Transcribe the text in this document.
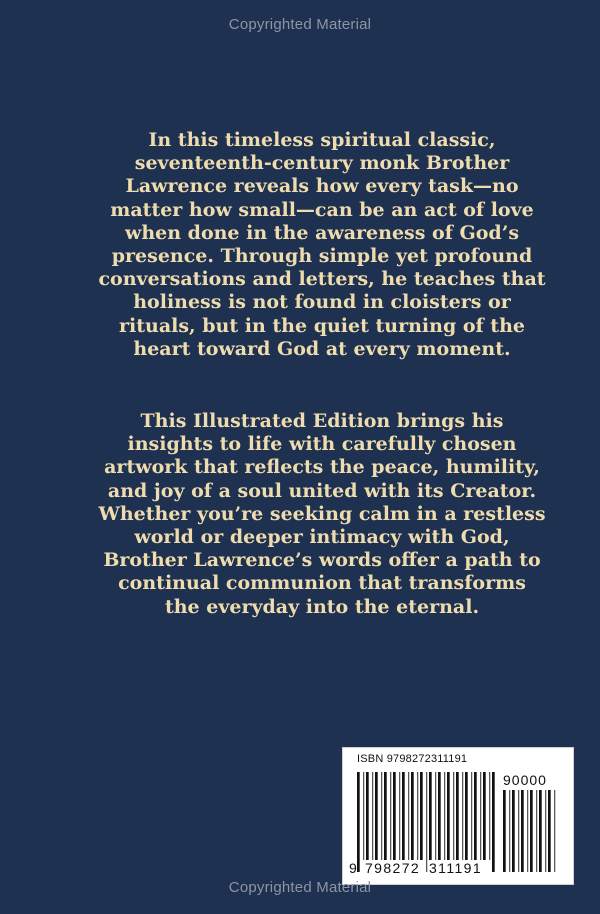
Copyrighted Material
In this timeless spiritual classic,
seventeenth-century monk Brother
Lawrence reveals how every task—no
matter how small—can be an act of love
when done in the awareness of God’s
presence. Through simple yet profound
conversations and letters, he teaches that
holiness is not found in cloisters or
rituals, but in the quiet turning of the
heart toward God at every moment.
This Illustrated Edition brings his
insights to life with carefully chosen
artwork that reflects the peace, humility,
and joy of a soul united with its Creator.
Whether you’re seeking calm in a restless
world or deeper intimacy with God,
Brother Lawrence’s words offer a path to
continual communion that transforms
the everyday into the eternal.
ISBN 9798272311191
90000
9 798272 311191
Copyrighted Material
